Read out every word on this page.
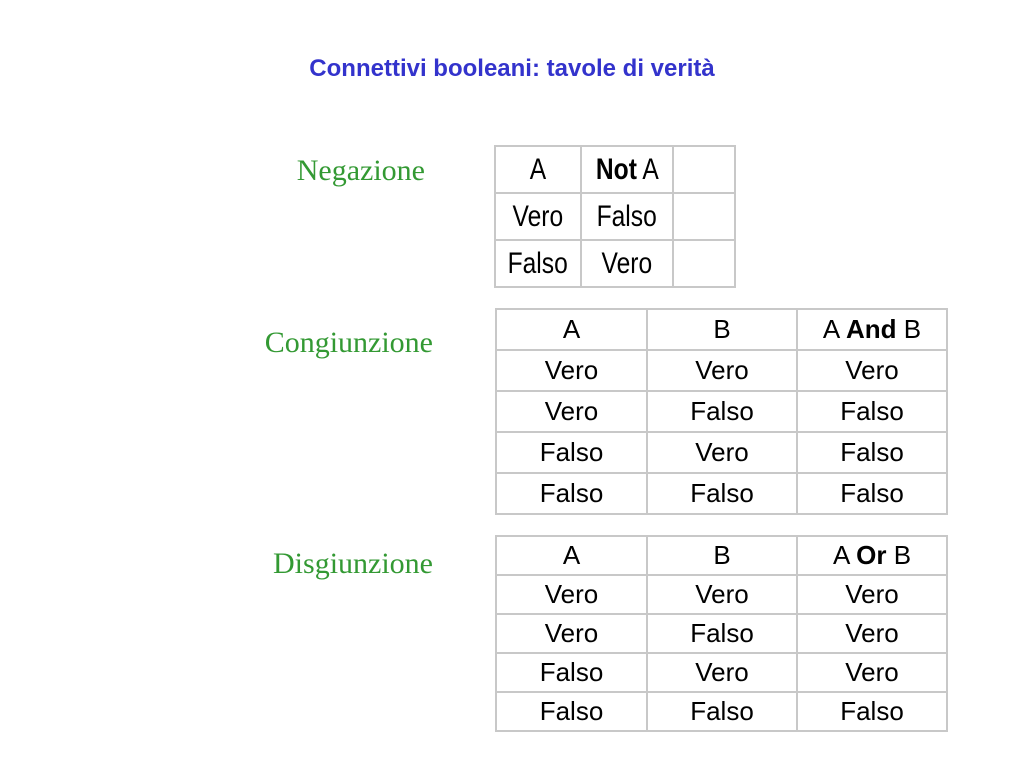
Connettivi booleani: tavole di verità
Negazione	A	Not A	
Vero	Falso	
Falso	Vero	
Congiunzione	A	B	A And B
Vero	Vero	Vero
Vero	Falso	Falso
Falso	Vero	Falso
Falso	Falso	Falso
Disgiunzione	A	B	A Or B
Vero	Vero	Vero
Vero	Falso	Vero
Falso	Vero	Vero
Falso	Falso	Falso
